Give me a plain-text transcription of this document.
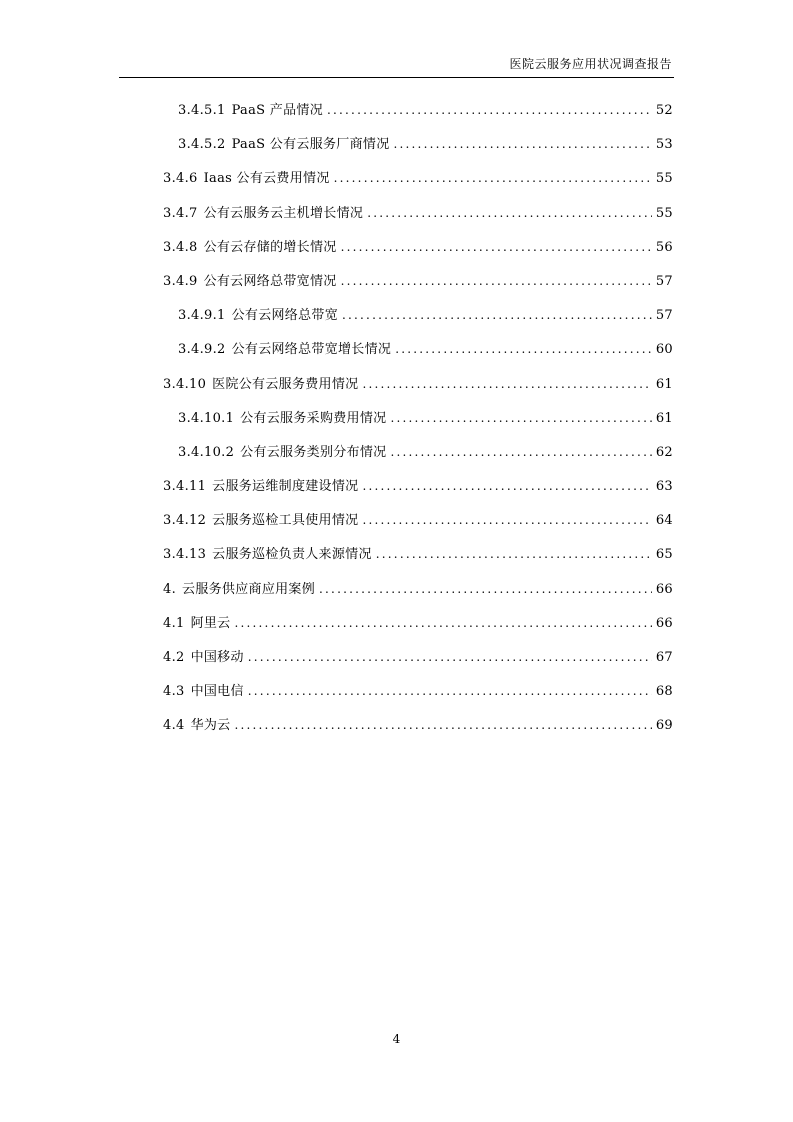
医院云服务应用状况调查报告
3.4.5.1 PaaS 产品情况 .....	52
3.4.5.2 PaaS 公有云服务厂商情况 .....	53
3.4.6 Iaas 公有云费用情况 .....	55
3.4.7 公有云服务云主机增长情况 .....	55
3.4.8 公有云存储的增长情况 .....	56
3.4.9 公有云网络总带宽情况 .....	57
3.4.9.1 公有云网络总带宽 .....	57
3.4.9.2 公有云网络总带宽增长情况 .....	60
3.4.10 医院公有云服务费用情况 .....	61
3.4.10.1 公有云服务采购费用情况 .....	61
3.4.10.2 公有云服务类别分布情况 .....	62
3.4.11 云服务运维制度建设情况 .....	63
3.4.12 云服务巡检工具使用情况 .....	64
3.4.13 云服务巡检负责人来源情况 .....	65
4. 云服务供应商应用案例 .....	66
4.1 阿里云 .....	66
4.2 中国移动 .....	67
4.3 中国电信 .....	68
4.4 华为云 .....	69
4
